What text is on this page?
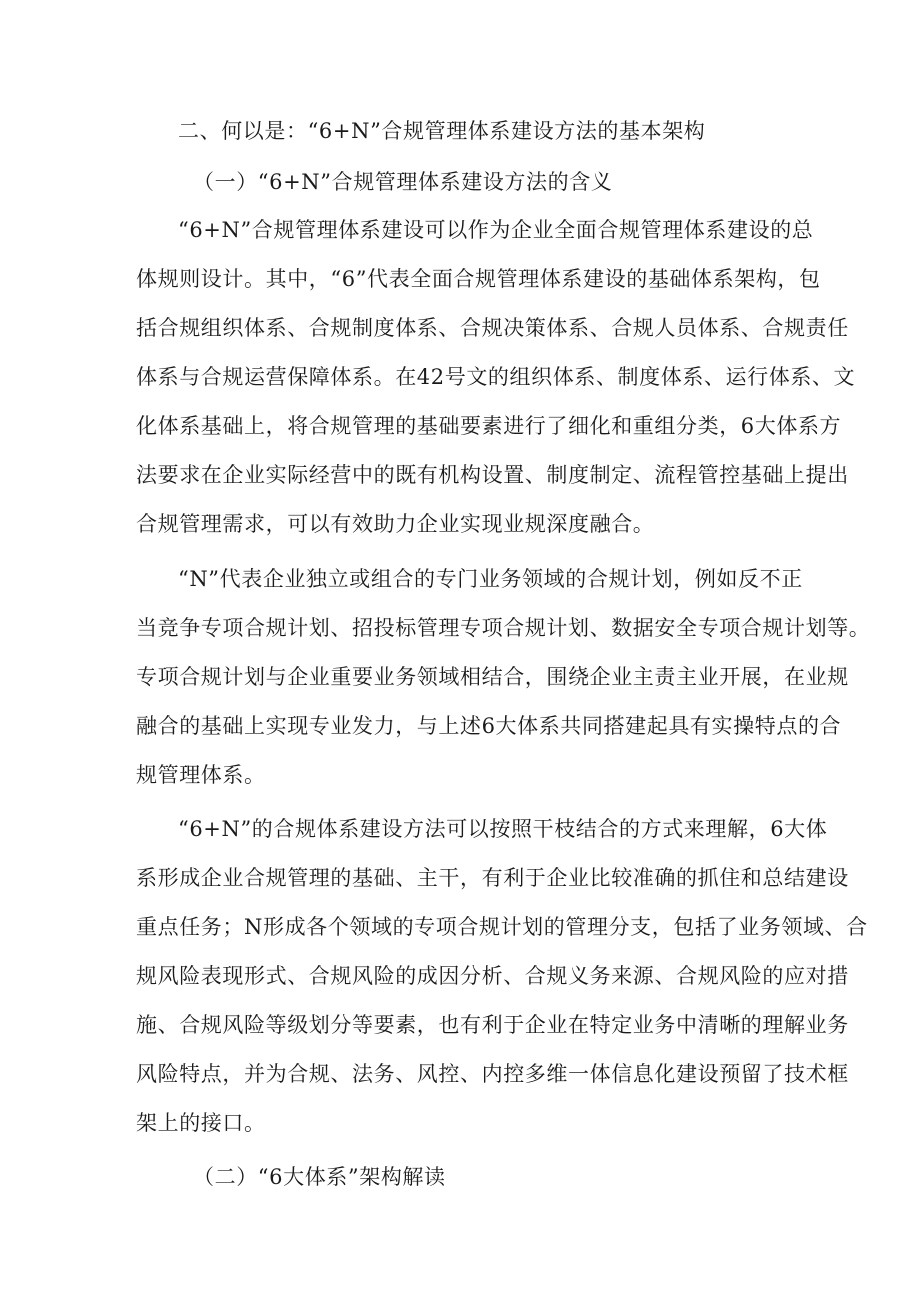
二、何以是：“6+N”合规管理体系建设方法的基本架构
（一）“6+N”合规管理体系建设方法的含义
“6+N”合规管理体系建设可以作为企业全面合规管理体系建设的总
体规则设计。其中，“6”代表全面合规管理体系建设的基础体系架构，包
括合规组织体系、合规制度体系、合规决策体系、合规人员体系、合规责任
体系与合规运营保障体系。在42号文的组织体系、制度体系、运行体系、文
化体系基础上，将合规管理的基础要素进行了细化和重组分类，6大体系方
法要求在企业实际经营中的既有机构设置、制度制定、流程管控基础上提出
合规管理需求，可以有效助力企业实现业规深度融合。
“N”代表企业独立或组合的专门业务领域的合规计划，例如反不正
当竞争专项合规计划、招投标管理专项合规计划、数据安全专项合规计划等。
专项合规计划与企业重要业务领域相结合，围绕企业主责主业开展，在业规
融合的基础上实现专业发力，与上述6大体系共同搭建起具有实操特点的合
规管理体系。
“6+N”的合规体系建设方法可以按照干枝结合的方式来理解，6大体
系形成企业合规管理的基础、主干，有利于企业比较准确的抓住和总结建设
重点任务；N形成各个领域的专项合规计划的管理分支，包括了业务领域、合
规风险表现形式、合规风险的成因分析、合规义务来源、合规风险的应对措
施、合规风险等级划分等要素，也有利于企业在特定业务中清晰的理解业务
风险特点，并为合规、法务、风控、内控多维一体信息化建设预留了技术框
架上的接口。
（二）“6大体系”架构解读
